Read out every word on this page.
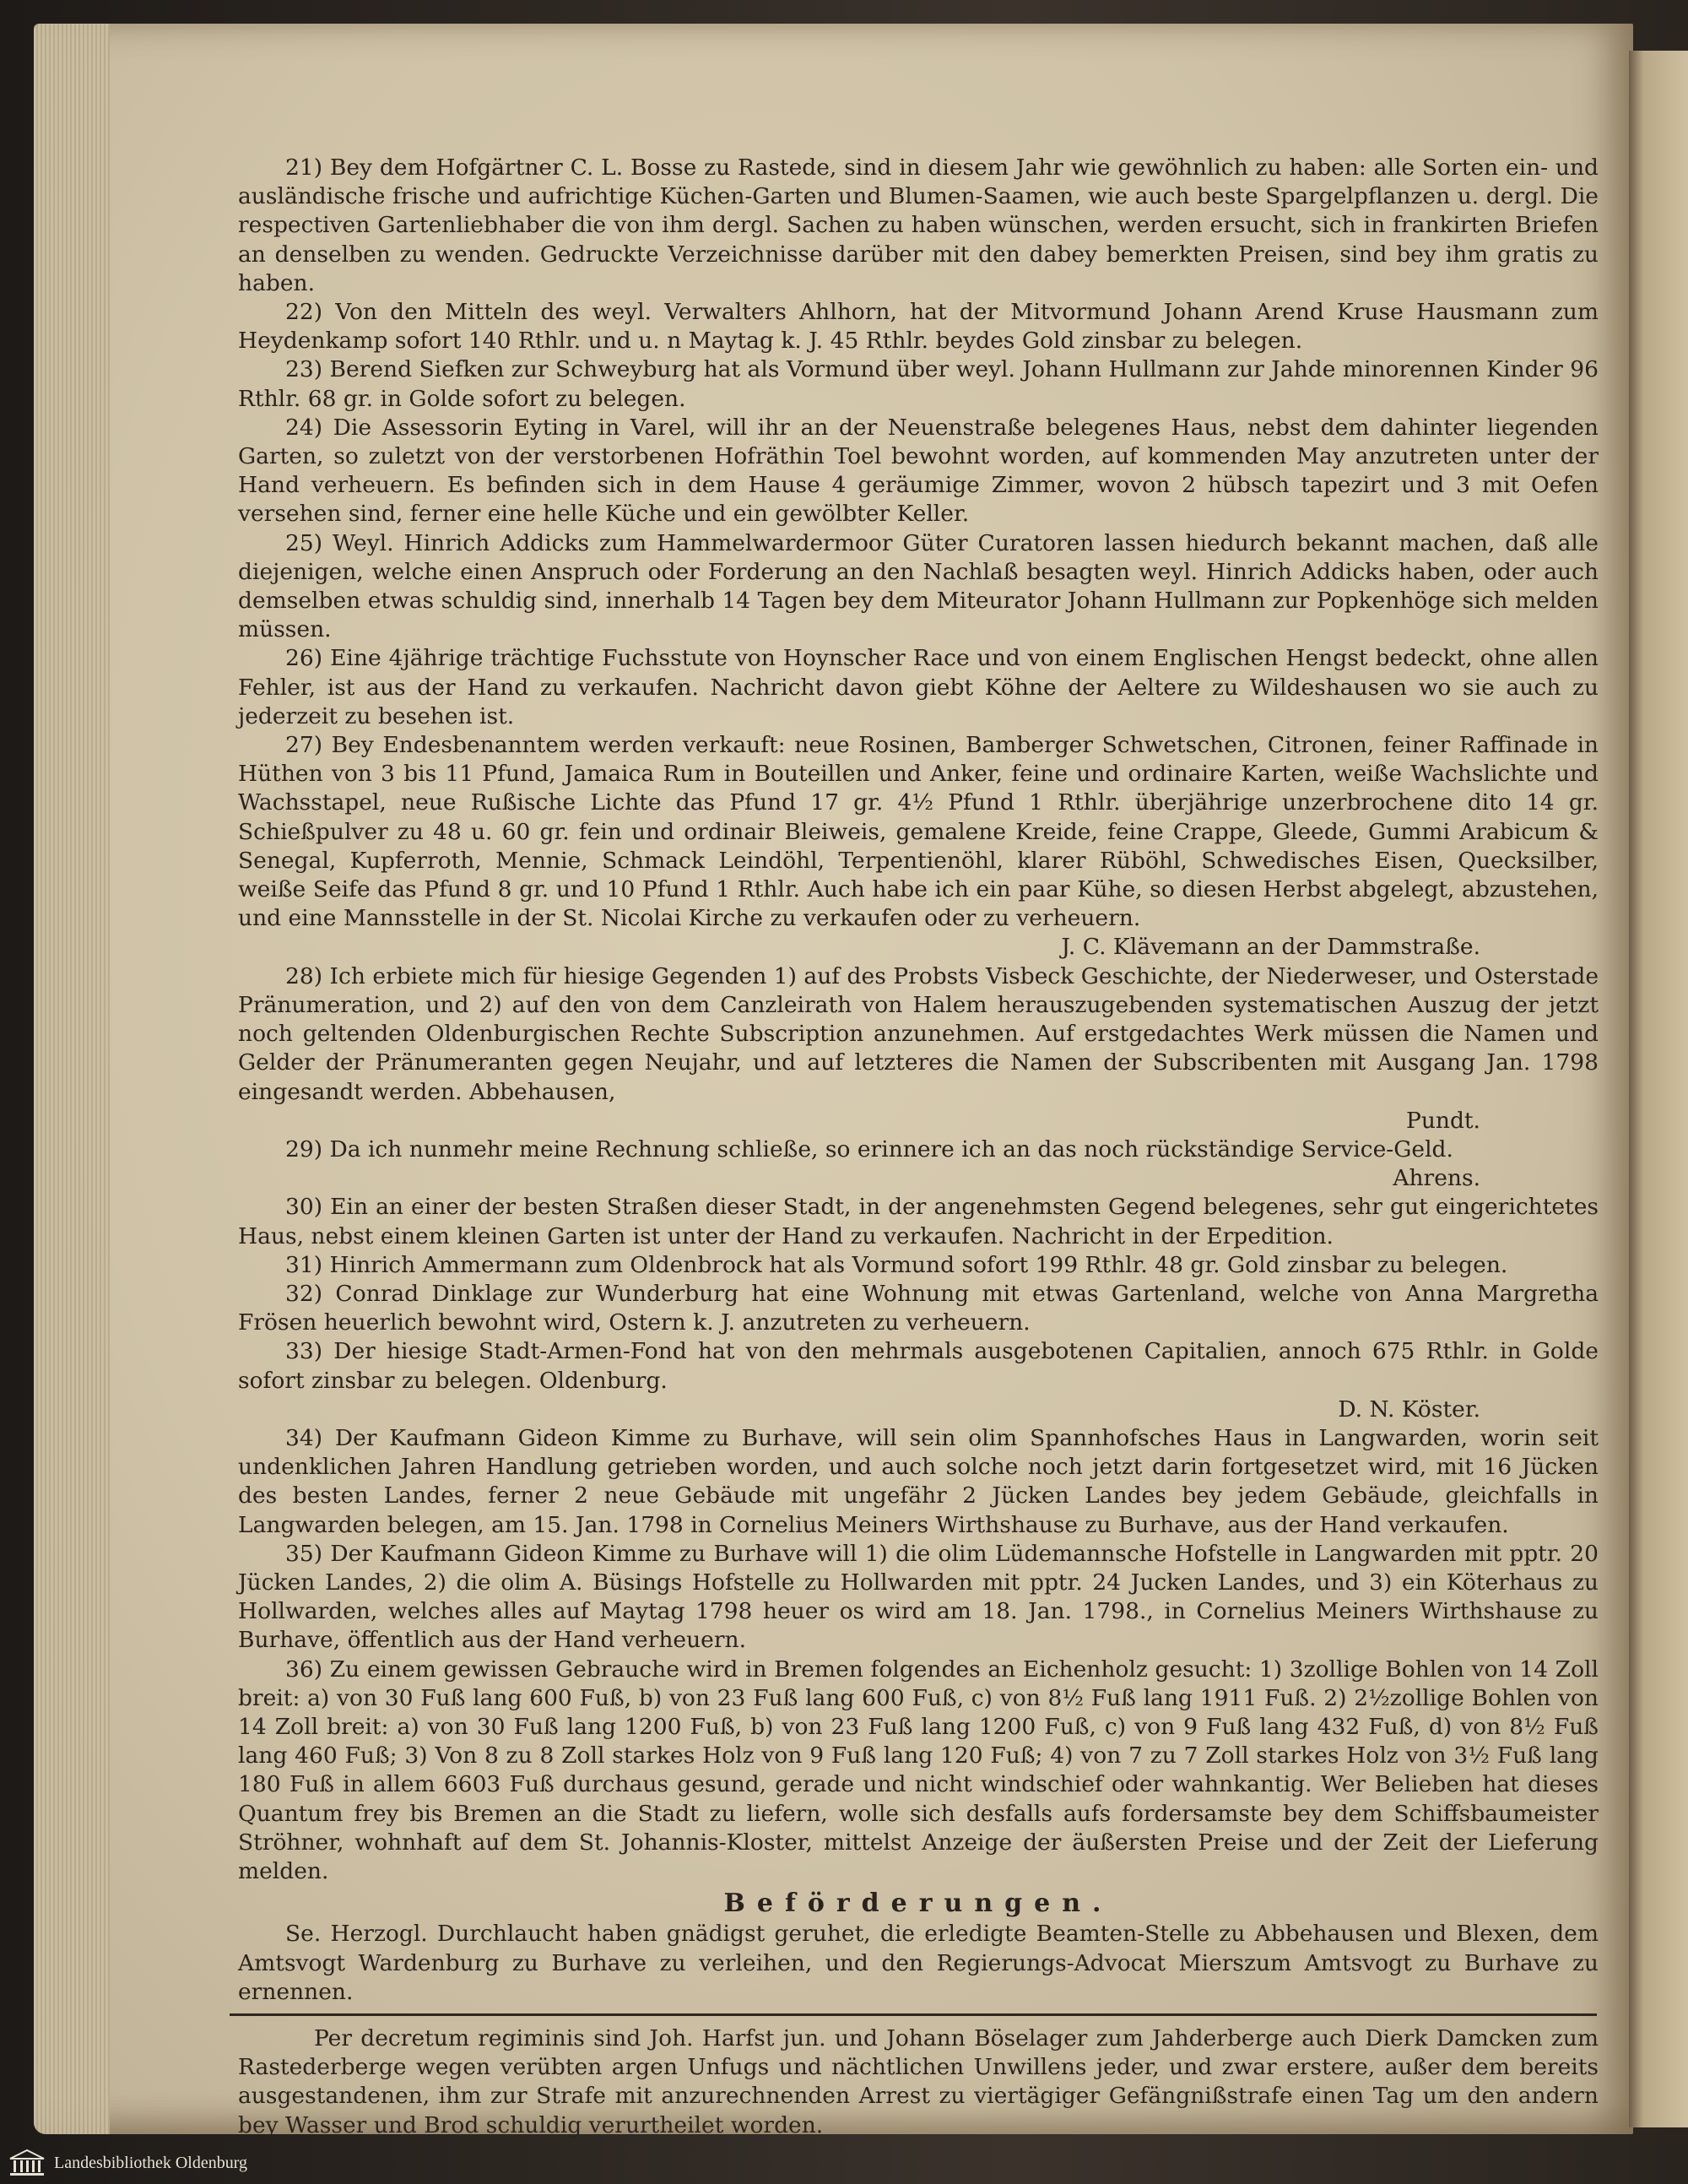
21) Bey dem Hofgärtner C. L. Bosse zu Rastede, sind in diesem Jahr wie gewöhnlich zu haben: alle Sorten ein- und ausländische frische und aufrichtige Küchen-Garten und Blumen-Saamen, wie auch beste Spargelpflanzen u. dergl. Die respectiven Gartenliebhaber die von ihm dergl. Sachen zu haben wünschen, werden ersucht, sich in frankirten Briefen an denselben zu wenden. Gedruckte Verzeichnisse darüber mit den dabey bemerkten Preisen, sind bey ihm gratis zu haben.

22) Von den Mitteln des weyl. Verwalters Ahlhorn, hat der Mitvormund Johann Arend Kruse Hausmann zum Heydenkamp sofort 140 Rthlr. und u. n Maytag k. J. 45 Rthlr. beydes Gold zinsbar zu belegen.

23) Berend Siefken zur Schweyburg hat als Vormund über weyl. Johann Hullmann zur Jahde minorennen Kinder 96 Rthlr. 68 gr. in Golde sofort zu belegen.

24) Die Assessorin Eyting in Varel, will ihr an der Neuenstraße belegenes Haus, nebst dem dahinter liegenden Garten, so zuletzt von der verstorbenen Hofräthin Toel bewohnt worden, auf kommenden May anzutreten unter der Hand verheuern. Es befinden sich in dem Hause 4 geräumige Zimmer, wovon 2 hübsch tapezirt und 3 mit Oefen versehen sind, ferner eine helle Küche und ein gewölbter Keller.

25) Weyl. Hinrich Addicks zum Hammelwardermoor Güter Curatoren lassen hiedurch bekannt machen, daß alle diejenigen, welche einen Anspruch oder Forderung an den Nachlaß besagten weyl. Hinrich Addicks haben, oder auch demselben etwas schuldig sind, innerhalb 14 Tagen bey dem Miteurator Johann Hullmann zur Popkenhöge sich melden müssen.

26) Eine 4jährige trächtige Fuchsstute von Hoynscher Race und von einem Englischen Hengst bedeckt, ohne allen Fehler, ist aus der Hand zu verkaufen. Nachricht davon giebt Köhne der Aeltere zu Wildeshausen wo sie auch zu jederzeit zu besehen ist.

27) Bey Endesbenanntem werden verkauft: neue Rosinen, Bamberger Schwetschen, Citronen, feiner Raffinade in Hüthen von 3 bis 11 Pfund, Jamaica Rum in Bouteillen und Anker, feine und ordinaire Karten, weiße Wachslichte und Wachsstapel, neue Rußische Lichte das Pfund 17 gr. 4½ Pfund 1 Rthlr. überjährige unzerbrochene dito 14 gr. Schießpulver zu 48 u. 60 gr. fein und ordinair Bleiweis, gemalene Kreide, feine Crappe, Gleede, Gummi Arabicum & Senegal, Kupferroth, Mennie, Schmack Leindöhl, Terpentienöhl, klarer Rüböhl, Schwedisches Eisen, Quecksilber, weiße Seife das Pfund 8 gr. und 10 Pfund 1 Rthlr. Auch habe ich ein paar Kühe, so diesen Herbst abgelegt, abzustehen, und eine Mannsstelle in der St. Nicolai Kirche zu verkaufen oder zu verheuern.

J. C. Klävemann an der Dammstraße.

28) Ich erbiete mich für hiesige Gegenden 1) auf des Probsts Visbeck Geschichte, der Niederweser, und Osterstade Pränumeration, und 2) auf den von dem Canzleirath von Halem herauszugebenden systematischen Auszug der jetzt noch geltenden Oldenburgischen Rechte Subscription anzunehmen. Auf erstgedachtes Werk müssen die Namen und Gelder der Pränumeranten gegen Neujahr, und auf letzteres die Namen der Subscribenten mit Ausgang Jan. 1798 eingesandt werden. Abbehausen,

Pundt.

29) Da ich nunmehr meine Rechnung schließe, so erinnere ich an das noch rückständige Service-Geld.

Ahrens.

30) Ein an einer der besten Straßen dieser Stadt, in der angenehmsten Gegend belegenes, sehr gut eingerichtetes Haus, nebst einem kleinen Garten ist unter der Hand zu verkaufen. Nachricht in der Erpedition.

31) Hinrich Ammermann zum Oldenbrock hat als Vormund sofort 199 Rthlr. 48 gr. Gold zinsbar zu belegen.

32) Conrad Dinklage zur Wunderburg hat eine Wohnung mit etwas Gartenland, welche von Anna Margretha Frösen heuerlich bewohnt wird, Ostern k. J. anzutreten zu verheuern.

33) Der hiesige Stadt-Armen-Fond hat von den mehrmals ausgebotenen Capitalien, annoch 675 Rthlr. in Golde sofort zinsbar zu belegen. Oldenburg.

D. N. Köster.

34) Der Kaufmann Gideon Kimme zu Burhave, will sein olim Spannhofsches Haus in Langwarden, worin seit undenklichen Jahren Handlung getrieben worden, und auch solche noch jetzt darin fortgesetzet wird, mit 16 Jücken des besten Landes, ferner 2 neue Gebäude mit ungefähr 2 Jücken Landes bey jedem Gebäude, gleichfalls in Langwarden belegen, am 15. Jan. 1798 in Cornelius Meiners Wirthshause zu Burhave, aus der Hand verkaufen.

35) Der Kaufmann Gideon Kimme zu Burhave will 1) die olim Lüdemannsche Hofstelle in Langwarden mit pptr. 20 Jücken Landes, 2) die olim A. Büsings Hofstelle zu Hollwarden mit pptr. 24 Jucken Landes, und 3) ein Köterhaus zu Hollwarden, welches alles auf Maytag 1798 heuer os wird am 18. Jan. 1798., in Cornelius Meiners Wirthshause zu Burhave, öffentlich aus der Hand verheuern.

36) Zu einem gewissen Gebrauche wird in Bremen folgendes an Eichenholz gesucht: 1) 3zollige Bohlen von 14 Zoll breit: a) von 30 Fuß lang 600 Fuß, b) von 23 Fuß lang 600 Fuß, c) von 8½ Fuß lang 1911 Fuß. 2) 2½zollige Bohlen von 14 Zoll breit: a) von 30 Fuß lang 1200 Fuß, b) von 23 Fuß lang 1200 Fuß, c) von 9 Fuß lang 432 Fuß, d) von 8½ Fuß lang 460 Fuß; 3) Von 8 zu 8 Zoll starkes Holz von 9 Fuß lang 120 Fuß; 4) von 7 zu 7 Zoll starkes Holz von 3½ Fuß lang 180 Fuß in allem 6603 Fuß durchaus gesund, gerade und nicht windschief oder wahnkantig. Wer Belieben hat dieses Quantum frey bis Bremen an die Stadt zu liefern, wolle sich desfalls aufs fordersamste bey dem Schiffsbaumeister Ströhner, wohnhaft auf dem St. Johannis-Kloster, mittelst Anzeige der äußersten Preise und der Zeit der Lieferung melden.

Beförderungen.

Se. Herzogl. Durchlaucht haben gnädigst geruhet, die erledigte Beamten-Stelle zu Abbehausen und Blexen, dem Amtsvogt Wardenburg zu Burhave zu verleihen, und den Regierungs-Advocat Mierszum Amtsvogt zu Burhave zu ernennen.

Per decretum regiminis sind Joh. Harfst jun. und Johann Böselager zum Jahderberge auch Dierk Damcken zum Rastederberge wegen verübten argen Unfugs und nächtlichen Unwillens jeder, und zwar erstere, außer dem bereits ausgestandenen, ihm zur Strafe mit anzurechnenden Arrest zu viertägiger Gefängnißstrafe einen Tag um den andern bey Wasser und Brod schuldig verurtheilet worden.

Landesbibliothek Oldenburg
